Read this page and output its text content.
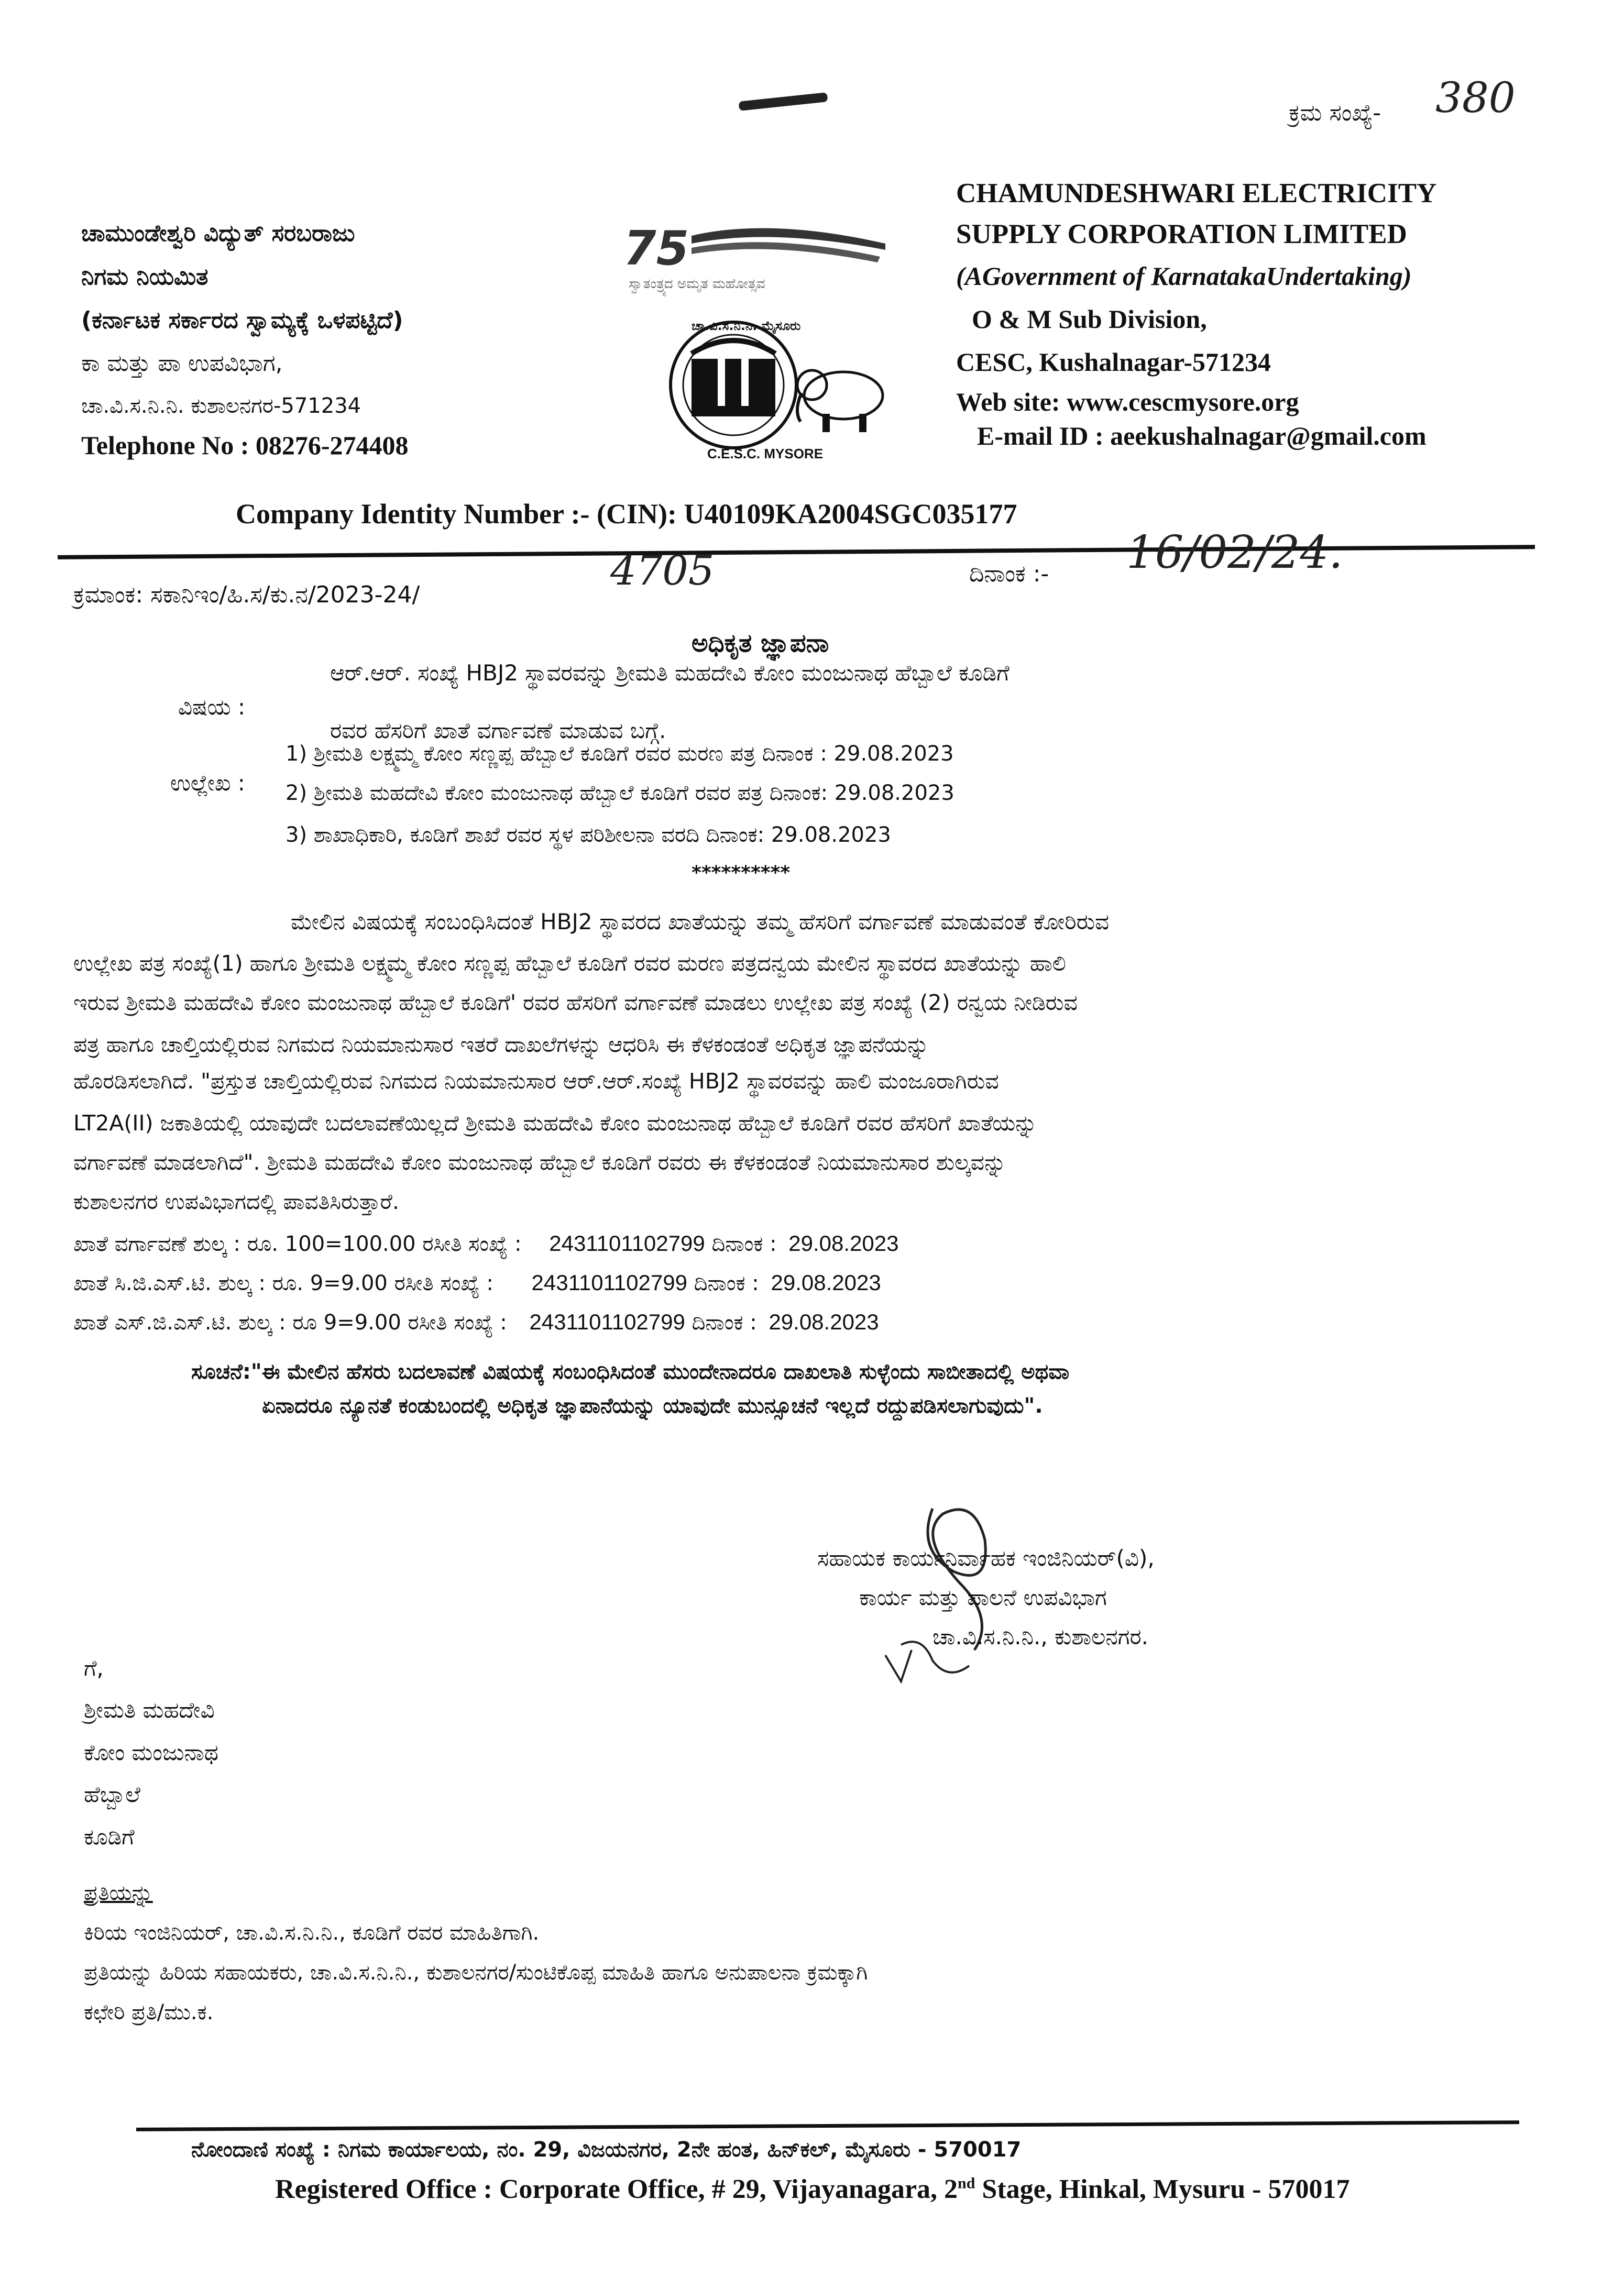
ಕ್ರಮ ಸಂಖ್ಯೆ- 380
ಚಾಮುಂಡೇಶ್ವರಿ ವಿದ್ಯುತ್ ಸರಬರಾಜು
ನಿಗಮ ನಿಯಮಿತ
(ಕರ್ನಾಟಕ ಸರ್ಕಾರದ ಸ್ವಾಮ್ಯಕ್ಕೆ ಒಳಪಟ್ಟಿದೆ)
ಕಾ ಮತ್ತು ಪಾ ಉಪವಿಭಾಗ,
ಚಾ.ವಿ.ಸ.ನಿ.ನಿ. ಕುಶಾಲನಗರ-571234
Telephone No : 08276-274408
75
ಸ್ವಾತಂತ್ರ್ಯದ ಅಮೃತ ಮಹೋತ್ಸವ
ಚಾ.ವಿ.ಸ.ನಿ.ನಿ. ಮೈಸೂರು
C.E.S.C. MYSORE
CHAMUNDESHWARI ELECTRICITY
SUPPLY CORPORATION LIMITED
(AGovernment of KarnatakaUndertaking)
O & M Sub Division,
CESC, Kushalnagar-571234
Web site: www.cescmysore.org
E-mail ID : aeekushalnagar@gmail.com
Company Identity Number :- (CIN): U40109KA2004SGC035177
ಕ್ರಮಾಂಕ: ಸಕಾನಿಇಂ/ಹಿ.ಸ/ಕು.ನ/2023-24/
4705	ದಿನಾಂಕ :- 16/02/24.
ಅಧಿಕೃತ ಜ್ಞಾಪನಾ
ವಿಷಯ :
ಆರ್.ಆರ್. ಸಂಖ್ಯೆ HBJ2 ಸ್ಥಾವರವನ್ನು ಶ್ರೀಮತಿ ಮಹದೇವಿ ಕೋಂ ಮಂಜುನಾಥ ಹೆಬ್ಬಾಲೆ ಕೂಡಿಗೆ
ರವರ ಹೆಸರಿಗೆ ಖಾತೆ ವರ್ಗಾವಣೆ ಮಾಡುವ ಬಗ್ಗೆ.
ಉಲ್ಲೇಖ :
1) ಶ್ರೀಮತಿ ಲಕ್ಷ್ಮಮ್ಮ ಕೋಂ ಸಣ್ಣಪ್ಪ ಹೆಬ್ಬಾಲೆ ಕೂಡಿಗೆ ರವರ ಮರಣ ಪತ್ರ ದಿನಾಂಕ : 29.08.2023
2) ಶ್ರೀಮತಿ ಮಹದೇವಿ ಕೋಂ ಮಂಜುನಾಥ ಹೆಬ್ಬಾಲೆ ಕೂಡಿಗೆ ರವರ ಪತ್ರ ದಿನಾಂಕ: 29.08.2023
3) ಶಾಖಾಧಿಕಾರಿ, ಕೂಡಿಗೆ ಶಾಖೆ ರವರ ಸ್ಥಳ ಪರಿಶೀಲನಾ ವರದಿ ದಿನಾಂಕ: 29.08.2023
**********
ಮೇಲಿನ ವಿಷಯಕ್ಕೆ ಸಂಬಂಧಿಸಿದಂತೆ HBJ2 ಸ್ಥಾವರದ ಖಾತೆಯನ್ನು ತಮ್ಮ ಹೆಸರಿಗೆ ವರ್ಗಾವಣೆ ಮಾಡುವಂತೆ ಕೋರಿರುವ
ಉಲ್ಲೇಖ ಪತ್ರ ಸಂಖ್ಯೆ(1) ಹಾಗೂ ಶ್ರೀಮತಿ ಲಕ್ಷ್ಮಮ್ಮ ಕೋಂ ಸಣ್ಣಪ್ಪ ಹೆಬ್ಬಾಲೆ ಕೂಡಿಗೆ ರವರ ಮರಣ ಪತ್ರದನ್ವಯ ಮೇಲಿನ ಸ್ಥಾವರದ ಖಾತೆಯನ್ನು ಹಾಲಿ
ಇರುವ ಶ್ರೀಮತಿ ಮಹದೇವಿ ಕೋಂ ಮಂಜುನಾಥ ಹೆಬ್ಬಾಲೆ ಕೂಡಿಗೆ' ರವರ ಹೆಸರಿಗೆ ವರ್ಗಾವಣೆ ಮಾಡಲು ಉಲ್ಲೇಖ ಪತ್ರ ಸಂಖ್ಯೆ (2) ರನ್ವಯ ನೀಡಿರುವ
ಪತ್ರ ಹಾಗೂ ಚಾಲ್ತಿಯಲ್ಲಿರುವ ನಿಗಮದ ನಿಯಮಾನುಸಾರ ಇತರೆ ದಾಖಲೆಗಳನ್ನು ಆಧರಿಸಿ ಈ ಕೆಳಕಂಡಂತೆ ಅಧಿಕೃತ ಜ್ಞಾಪನೆಯನ್ನು
ಹೊರಡಿಸಲಾಗಿದೆ. "ಪ್ರಸ್ತುತ ಚಾಲ್ತಿಯಲ್ಲಿರುವ ನಿಗಮದ ನಿಯಮಾನುಸಾರ ಆರ್.ಆರ್.ಸಂಖ್ಯೆ HBJ2 ಸ್ಥಾವರವನ್ನು ಹಾಲಿ ಮಂಜೂರಾಗಿರುವ
LT2A(II) ಜಕಾತಿಯಲ್ಲಿ ಯಾವುದೇ ಬದಲಾವಣೆಯಿಲ್ಲದೆ ಶ್ರೀಮತಿ ಮಹದೇವಿ ಕೋಂ ಮಂಜುನಾಥ ಹೆಬ್ಬಾಲೆ ಕೂಡಿಗೆ ರವರ ಹೆಸರಿಗೆ ಖಾತೆಯನ್ನು
ವರ್ಗಾವಣೆ ಮಾಡಲಾಗಿದೆ". ಶ್ರೀಮತಿ ಮಹದೇವಿ ಕೋಂ ಮಂಜುನಾಥ ಹೆಬ್ಬಾಲೆ ಕೂಡಿಗೆ ರವರು ಈ ಕೆಳಕಂಡಂತೆ ನಿಯಮಾನುಸಾರ ಶುಲ್ಕವನ್ನು
ಕುಶಾಲನಗರ ಉಪವಿಭಾಗದಲ್ಲಿ ಪಾವತಿಸಿರುತ್ತಾರೆ.
ಖಾತೆ ವರ್ಗಾವಣೆ ಶುಲ್ಕ : ರೂ. 100=100.00 ರಸೀತಿ ಸಂಖ್ಯೆ : 2431101102799 ದಿನಾಂಕ : 29.08.2023
ಖಾತೆ ಸಿ.ಜಿ.ಎಸ್.ಟಿ. ಶುಲ್ಕ : ರೂ. 9=9.00 ರಸೀತಿ ಸಂಖ್ಯೆ : 2431101102799 ದಿನಾಂಕ : 29.08.2023
ಖಾತೆ ಎಸ್.ಜಿ.ಎಸ್.ಟಿ. ಶುಲ್ಕ : ರೂ 9=9.00 ರಸೀತಿ ಸಂಖ್ಯೆ : 2431101102799 ದಿನಾಂಕ : 29.08.2023
ಸೂಚನೆ:"ಈ ಮೇಲಿನ ಹೆಸರು ಬದಲಾವಣೆ ವಿಷಯಕ್ಕೆ ಸಂಬಂಧಿಸಿದಂತೆ ಮುಂದೇನಾದರೂ ದಾಖಲಾತಿ ಸುಳ್ಳೆಂದು ಸಾಬೀತಾದಲ್ಲಿ ಅಥವಾ
ಏನಾದರೂ ನ್ಯೂನತೆ ಕಂಡುಬಂದಲ್ಲಿ ಅಧಿಕೃತ ಜ್ಞಾಪಾನೆಯನ್ನು ಯಾವುದೇ ಮುನ್ಸೂಚನೆ ಇಲ್ಲದೆ ರದ್ದುಪಡಿಸಲಾಗುವುದು".
ಸಹಾಯಕ ಕಾರ್ಯನಿರ್ವಾಹಕ ಇಂಜಿನಿಯರ್(ವಿ),
ಕಾರ್ಯ ಮತ್ತು ಪಾಲನೆ ಉಪವಿಭಾಗ
ಚಾ.ವಿ.ಸ.ನಿ.ನಿ., ಕುಶಾಲನಗರ.
ಗೆ,
ಶ್ರೀಮತಿ ಮಹದೇವಿ
ಕೋಂ ಮಂಜುನಾಥ
ಹೆಬ್ಬಾಲೆ
ಕೂಡಿಗೆ
ಪ್ರತಿಯನ್ನು
ಕಿರಿಯ ಇಂಜಿನಿಯರ್, ಚಾ.ವಿ.ಸ.ನಿ.ನಿ., ಕೂಡಿಗೆ ರವರ ಮಾಹಿತಿಗಾಗಿ.
ಪ್ರತಿಯನ್ನು ಹಿರಿಯ ಸಹಾಯಕರು, ಚಾ.ವಿ.ಸ.ನಿ.ನಿ., ಕುಶಾಲನಗರ/ಸುಂಟಿಕೊಪ್ಪ ಮಾಹಿತಿ ಹಾಗೂ ಅನುಪಾಲನಾ ಕ್ರಮಕ್ಕಾಗಿ
ಕಛೇರಿ ಪ್ರತಿ/ಮು.ಕ.
ನೋಂದಾಣಿ ಸಂಖ್ಯೆ : ನಿಗಮ ಕಾರ್ಯಾಲಯ, ನಂ. 29, ವಿಜಯನಗರ, 2ನೇ ಹಂತ, ಹಿನ್‌ಕಲ್, ಮೈಸೂರು - 570017
Registered Office : Corporate Office, # 29, Vijayanagara, 2nd Stage, Hinkal, Mysuru - 570017
